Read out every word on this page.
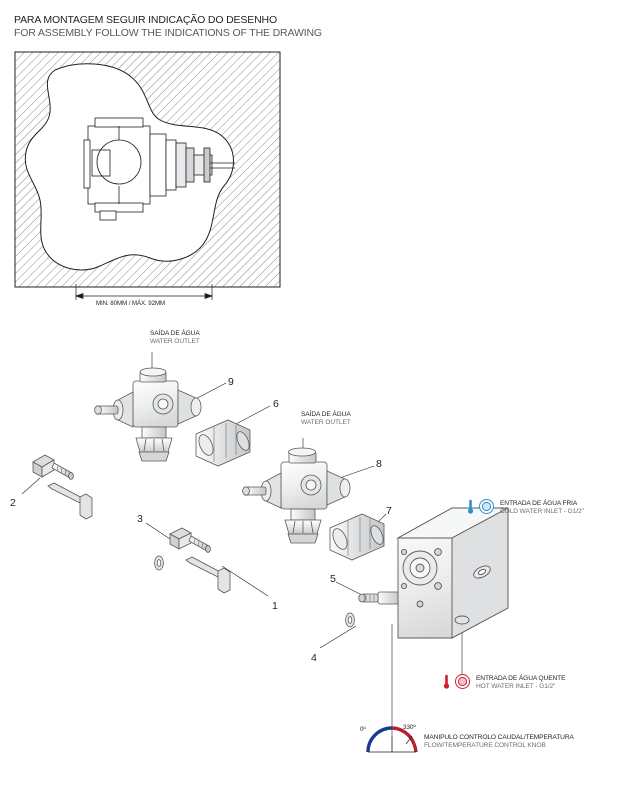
PARA MONTAGEM SEGUIR INDICAÇÃO DO DESENHO
FOR ASSEMBLY FOLLOW THE INDICATIONS OF THE DRAWING
MIN. 80MM / MÁX. 92MM
SAÍDA DE ÁGUA
WATER OUTLET
SAÍDA DE ÁGUA
WATER OUTLET
ENTRADA DE ÁGUA FRIA
COLD WATER INLET - G1/2"
ENTRADA DE ÁGUA QUENTE
HOT WATER INLET - G1/2"
0º	330º
MANIPULO CONTROLO CAUDAL/TEMPERATURA
FLOW/TEMPERATURE CONTROL KNOB
1
2
3
4
5
6
7
8
9
